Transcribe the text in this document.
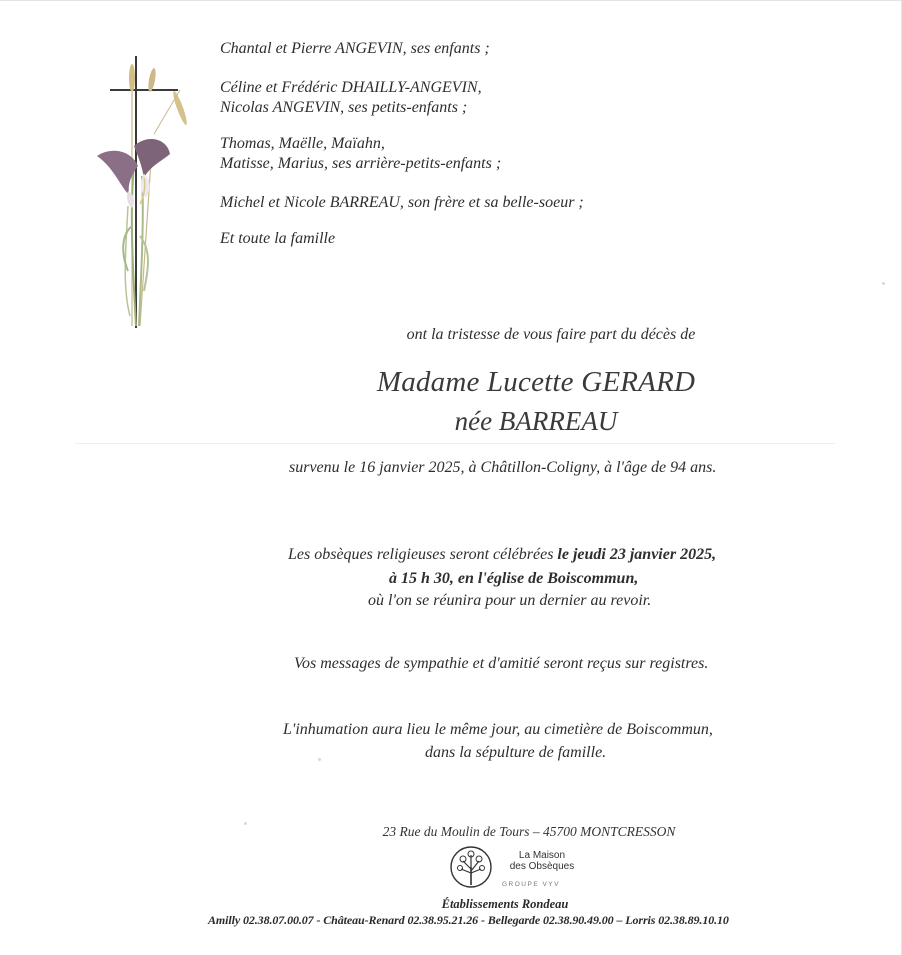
Chantal et Pierre ANGEVIN, ses enfants ;
Céline et Frédéric DHAILLY-ANGEVIN,
Nicolas ANGEVIN, ses petits-enfants ;
Thomas, Maëlle, Maïahn,
Matisse, Marius, ses arrière-petits-enfants ;
Michel et Nicole BARREAU, son frère et sa belle-soeur ;
Et toute la famille
ont la tristesse de vous faire part du décès de
Madame Lucette GERARD
née BARREAU
survenu le 16 janvier 2025, à Châtillon-Coligny, à l'âge de 94 ans.
Les obsèques religieuses seront célébrées le jeudi 23 janvier 2025,
à 15 h 30, en l'église de Boiscommun,
où l'on se réunira pour un dernier au revoir.
Vos messages de sympathie et d'amitié seront reçus sur registres.
L'inhumation aura lieu le même jour, au cimetière de Boiscommun,
dans la sépulture de famille.
23 Rue du Moulin de Tours – 45700 MONTCRESSON
La Maison
des Obsèques
GROUPE VYV
Établissements Rondeau
Amilly 02.38.07.00.07 - Château-Renard 02.38.95.21.26 - Bellegarde 02.38.90.49.00 – Lorris 02.38.89.10.10
